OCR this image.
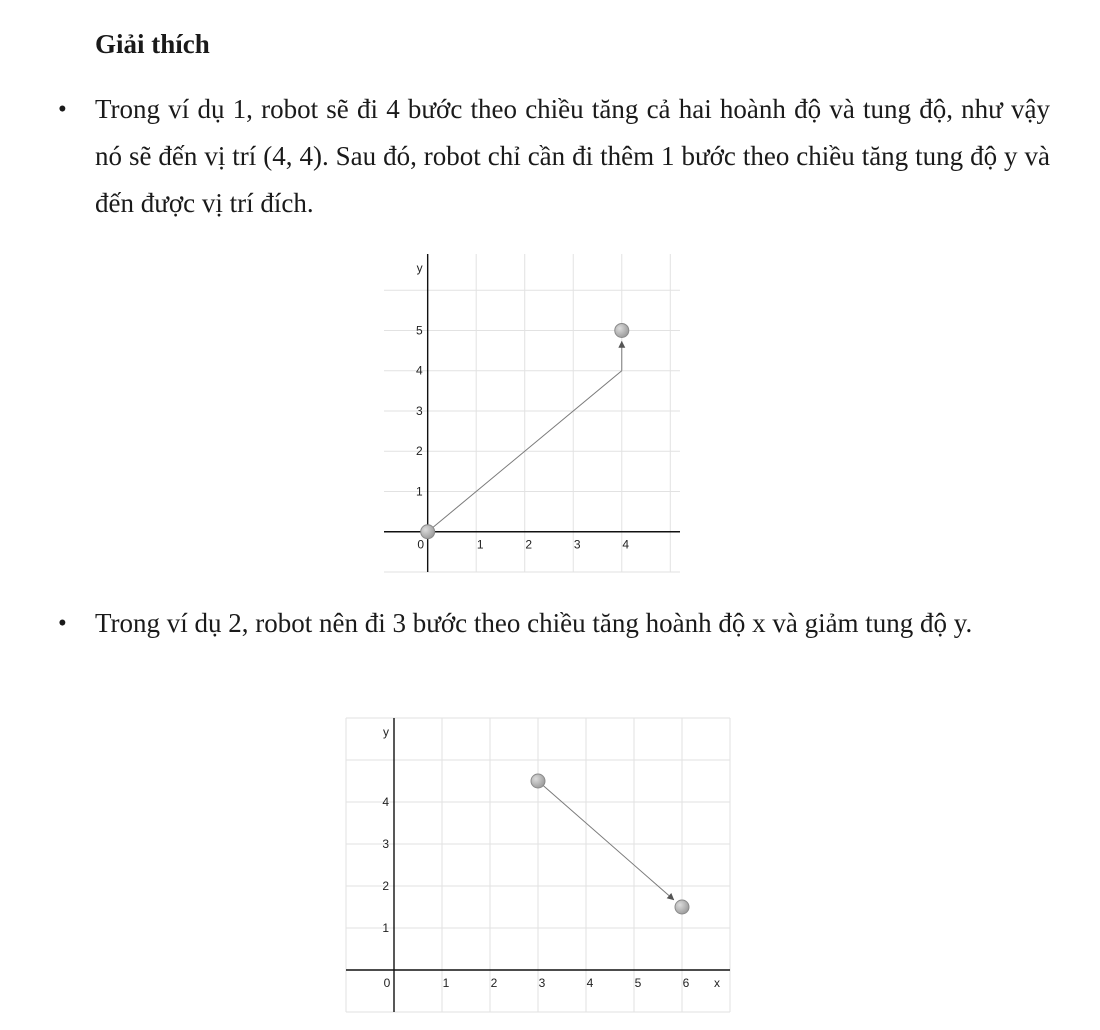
Giải thích
•	Trong ví dụ 1, robot sẽ đi 4 bước theo chiều tăng cả hai hoành độ và tung độ, như vậy nó sẽ đến vị trí (4, 4). Sau đó, robot chỉ cần đi thêm 1 bước theo chiều tăng tung độ y và đến được vị trí đích.

0	1	2	3	4
1
2
3
4
5
y
•	Trong ví dụ 2, robot nên đi 3 bước theo chiều tăng hoành độ x và giảm tung độ y.

0	1	2	3	4	5	6
1
2
3
4
y
x
